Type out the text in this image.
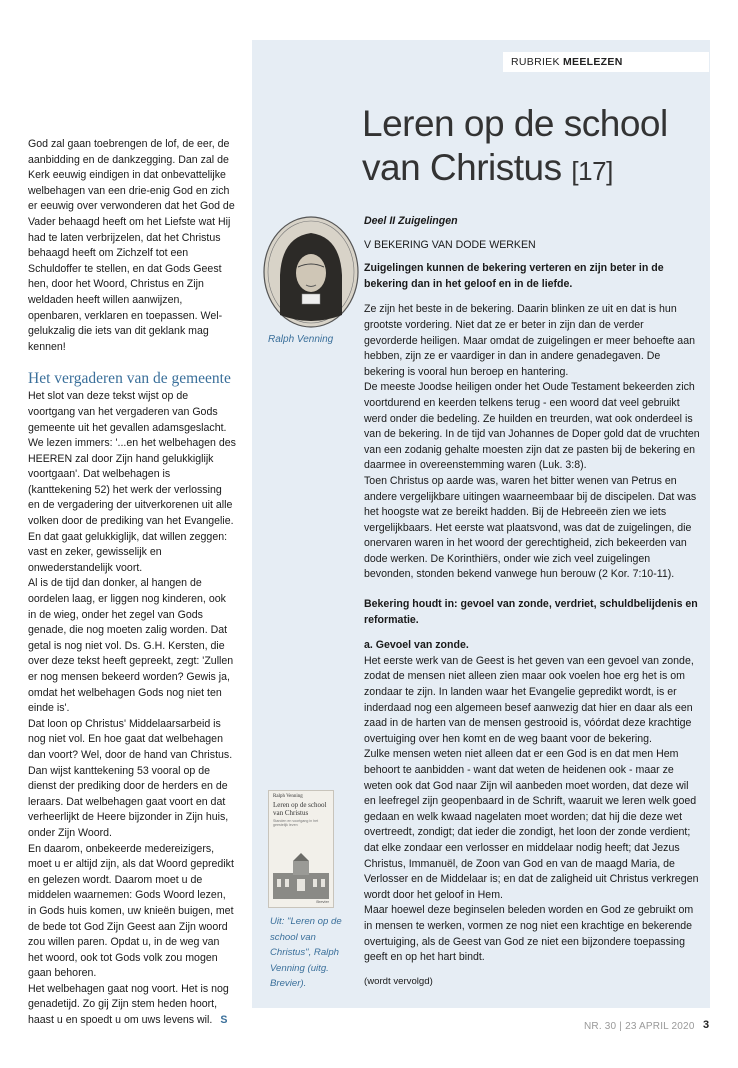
RUBRIEK MEELEZEN

God zal gaan toebrengen de lof, de eer, de aanbidding en de dankzegging. Dan zal de Kerk eeuwig eindigen in dat onbevattelijke welbehagen van een drie-enig God en zich er eeuwig over verwonderen dat het God de Vader behaagd heeft om het Liefste wat Hij had te laten verbrijzelen, dat het Christus behaagd heeft om Zichzelf tot een Schuldoffer te stellen, en dat Gods Geest hen, door het Woord, Christus en Zijn weldaden heeft willen aanwijzen, openbaren, verklaren en toepassen. Wel-gelukzalig die iets van dit geklank mag kennen!

Het vergaderen van de gemeente

Het slot van deze tekst wijst op de voortgang van het vergaderen van Gods gemeente uit het gevallen adamsgeslacht. We lezen immers: '...en het welbehagen des HEEREN zal door Zijn hand gelukkiglijk voortgaan'. Dat welbehagen is (kanttekening 52) het werk der verlossing en de vergadering der uitverkorenen uit alle volken door de prediking van het Evangelie. En dat gaat gelukkiglijk, dat willen zeggen: vast en zeker, gewisselijk en onwederstandelijk voort.

Al is de tijd dan donker, al hangen de oordelen laag, er liggen nog kinderen, ook in de wieg, onder het zegel van Gods genade, die nog moeten zalig worden. Dat getal is nog niet vol. Ds. G.H. Kersten, die over deze tekst heeft gepreekt, zegt: 'Zullen er nog mensen bekeerd worden? Gewis ja, omdat het welbehagen Gods nog niet ten einde is'.

Dat loon op Christus' Middelaarsarbeid is nog niet vol. En hoe gaat dat welbehagen dan voort? Wel, door de hand van Christus. Dan wijst kanttekening 53 vooral op de dienst der prediking door de herders en de leraars. Dat welbehagen gaat voort en dat verheerlijkt de Heere bijzonder in Zijn huis, onder Zijn Woord.

En daarom, onbekeerde medereizigers, moet u er altijd zijn, als dat Woord gepredikt en gelezen wordt. Daarom moet u de middelen waarnemen: Gods Woord lezen, in Gods huis komen, uw knieën buigen, met de bede tot God Zijn Geest aan Zijn woord zou willen paren. Opdat u, in de weg van het woord, ook tot Gods volk zou mogen gaan behoren.

Het welbehagen gaat nog voort. Het is nog genadetijd. Zo gij Zijn stem heden hoort, haast u en spoedt u om uws levens wil. S

Leren op de school
van Christus [17]
Ralph Venning
Ralph Venning
Leren op de school van Christus
Standen en voortgang in het geestelijk leven
Brevier
Uit: "Leren op de school van Christus", Ralph Venning (uitg. Brevier).

Deel II Zuigelingen

V BEKERING VAN DODE WERKEN

Zuigelingen kunnen de bekering verteren en zijn beter in de bekering dan in het geloof en in de liefde.

Ze zijn het beste in de bekering. Daarin blinken ze uit en dat is hun grootste vordering. Niet dat ze er beter in zijn dan de verder gevorderde heiligen. Maar omdat de zuigelingen er meer behoefte aan hebben, zijn ze er vaardiger in dan in andere genadegaven. De bekering is vooral hun beroep en hantering.

De meeste Joodse heiligen onder het Oude Testament bekeerden zich voortdurend en keerden telkens terug - een woord dat veel gebruikt werd onder die bedeling. Ze huilden en treurden, wat ook onderdeel is van de bekering. In de tijd van Johannes de Doper gold dat de vruchten van een zodanig gehalte moesten zijn dat ze pasten bij de bekering en daarmee in overeenstemming waren (Luk. 3:8).

Toen Christus op aarde was, waren het bitter wenen van Petrus en andere vergelijkbare uitingen waarneembaar bij de discipelen. Dat was het hoogste wat ze bereikt hadden. Bij de Hebreeën zien we iets vergelijkbaars. Het eerste wat plaatsvond, was dat de zuigelingen, die onervaren waren in het woord der gerechtigheid, zich bekeerden van dode werken. De Korinthiërs, onder wie zich veel zuigelingen bevonden, stonden bekend vanwege hun berouw (2 Kor. 7:10-11).

Bekering houdt in: gevoel van zonde, verdriet, schuldbelijdenis en reformatie.

a. Gevoel van zonde.

Het eerste werk van de Geest is het geven van een gevoel van zonde, zodat de mensen niet alleen zien maar ook voelen hoe erg het is om zondaar te zijn. In landen waar het Evangelie gepredikt wordt, is er inderdaad nog een algemeen besef aanwezig dat hier en daar als een zaad in de harten van de mensen gestrooid is, vóórdat deze krachtige overtuiging over hen komt en de weg baant voor de bekering.

Zulke mensen weten niet alleen dat er een God is en dat men Hem behoort te aanbidden - want dat weten de heidenen ook - maar ze weten ook dat God naar Zijn wil aanbeden moet worden, dat deze wil en leefregel zijn geopenbaard in de Schrift, waaruit we leren welk goed gedaan en welk kwaad nagelaten moet worden; dat hij die deze wet overtreedt, zondigt; dat ieder die zondigt, het loon der zonde verdient; dat elke zondaar een verlosser en middelaar nodig heeft; dat Jezus Christus, Immanuël, de Zoon van God en van de maagd Maria, de Verlosser en de Middelaar is; en dat de zaligheid uit Christus verkregen wordt door het geloof in Hem.

Maar hoewel deze beginselen beleden worden en God ze gebruikt om in mensen te werken, vormen ze nog niet een krachtige en bekerende overtuiging, als de Geest van God ze niet een bijzondere toepassing geeft en op het hart bindt.

(wordt vervolgd)

NR. 30 | 23 APRIL 2020 3
